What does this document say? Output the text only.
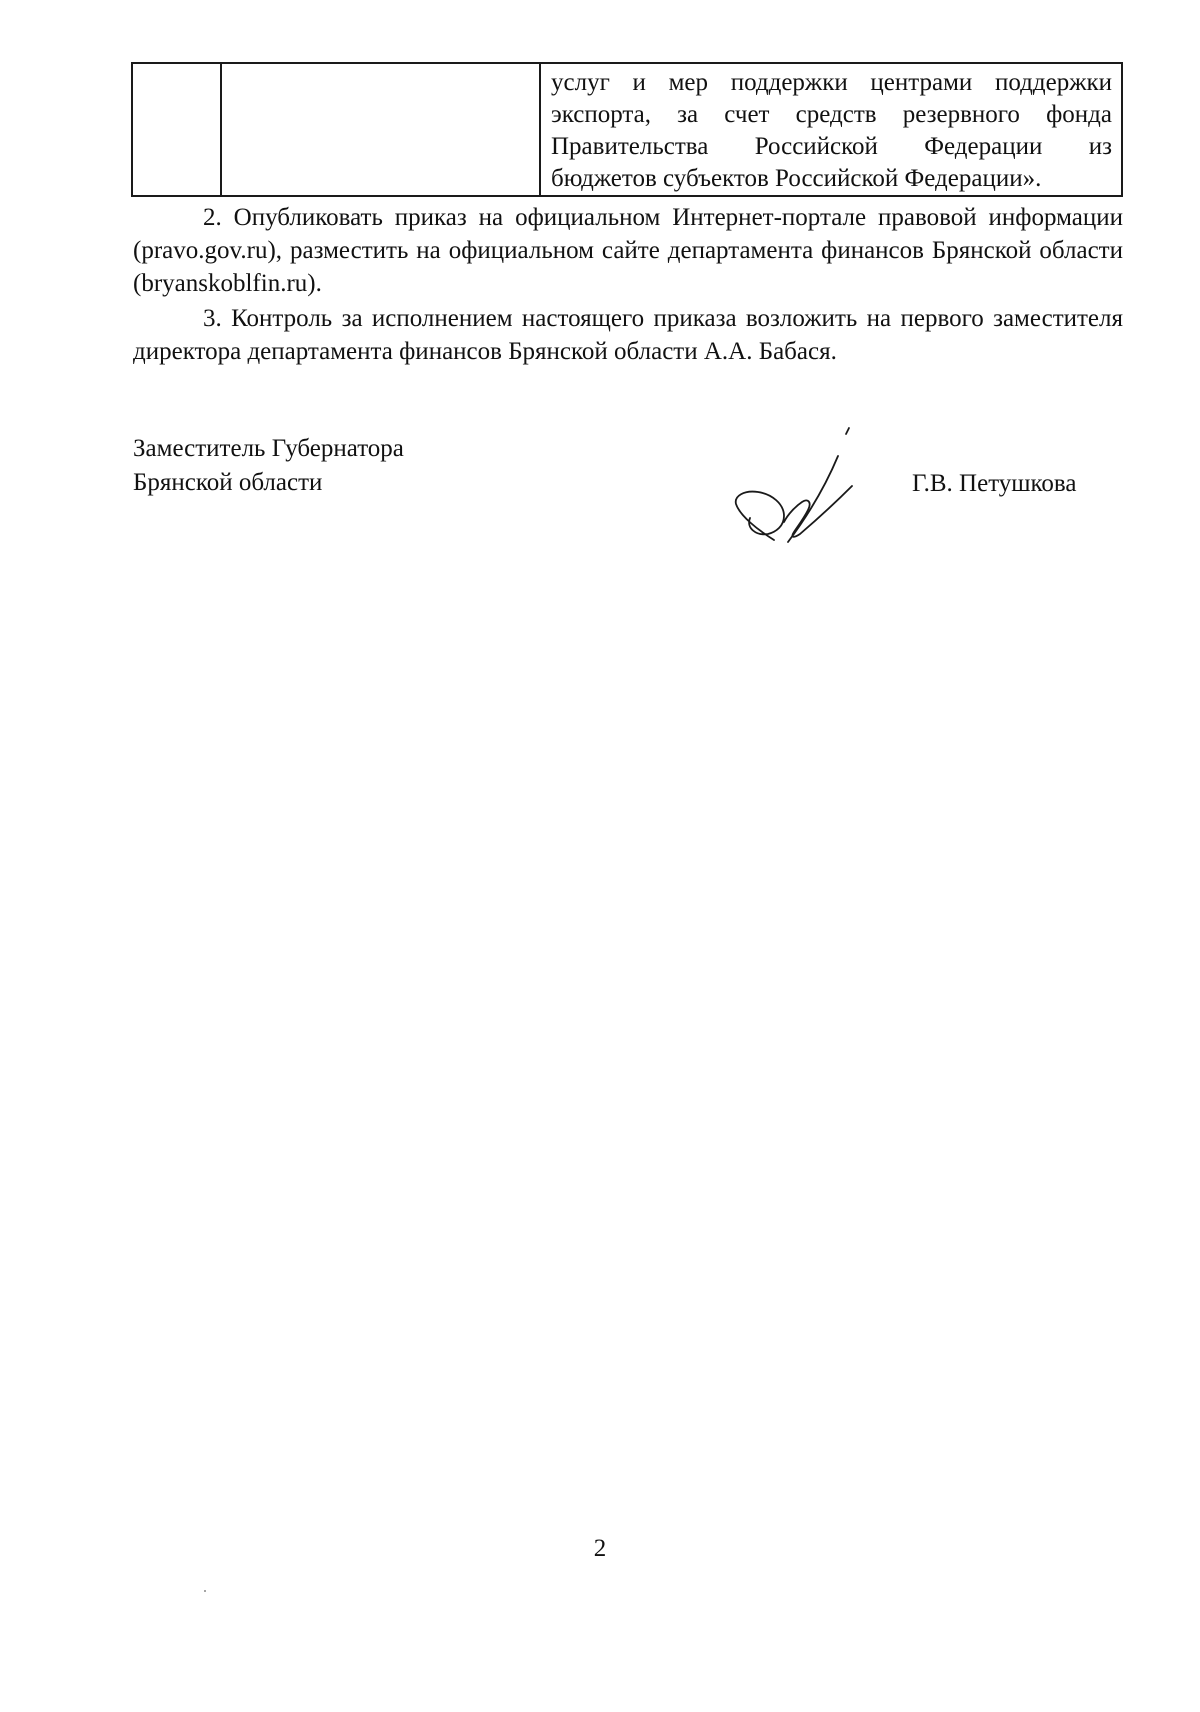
услуг и мер поддержки центрами поддержки
экспорта, за счет средств резервного фонда
Правительства Российской Федерации из
бюджетов субъектов Российской Федерации».

2. Опубликовать приказ на официальном Интернет-портале правовой информации (pravo.gov.ru), разместить на официальном сайте департамента финансов Брянской области (bryanskoblfin.ru).

3. Контроль за исполнением настоящего приказа возложить на первого заместителя директора департамента финансов Брянской области А.А. Бабася.

Заместитель Губернатора
Брянской области	Г.В. Петушкова
2
